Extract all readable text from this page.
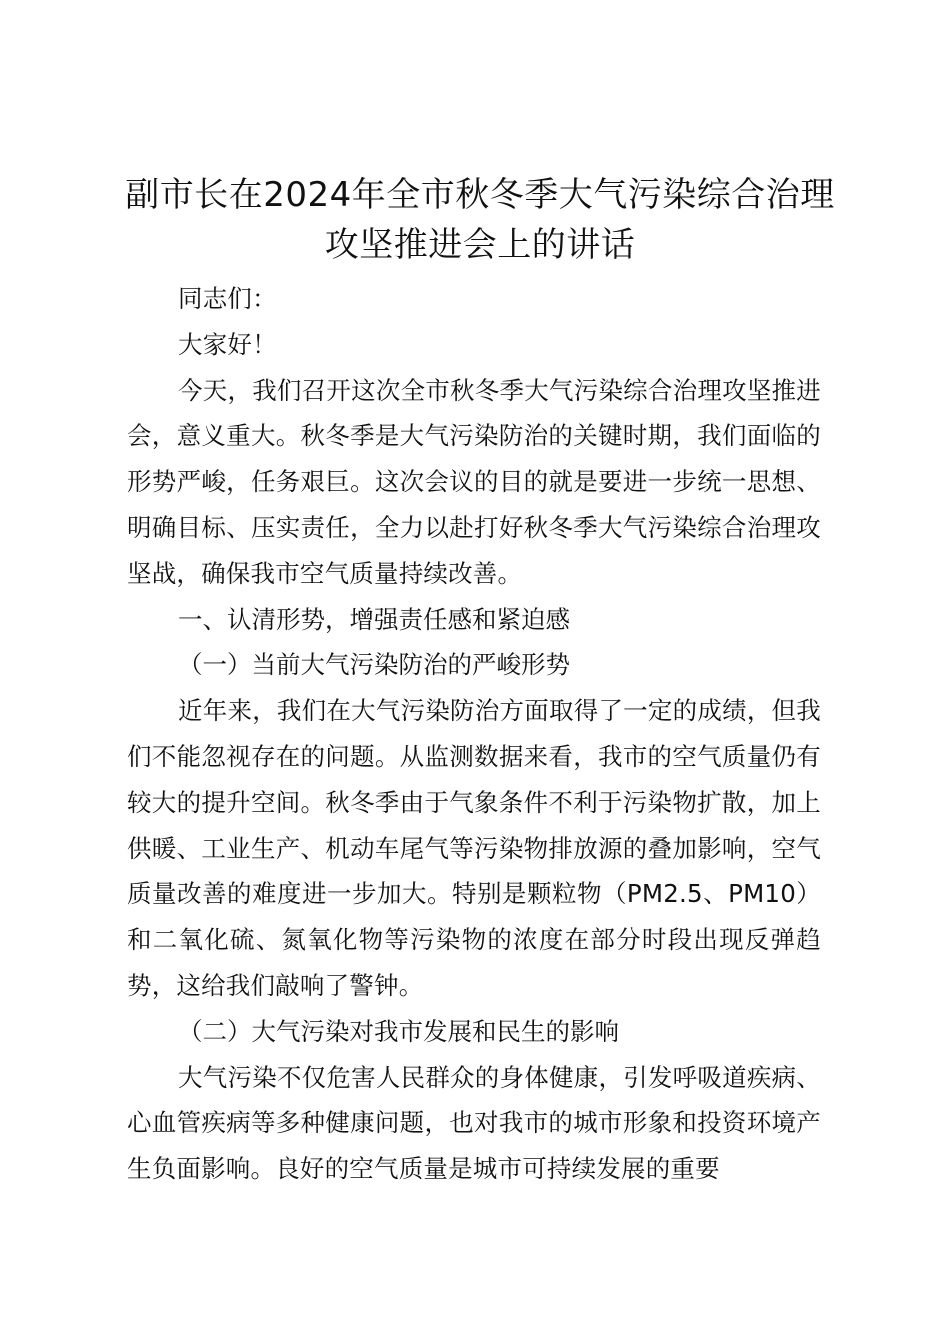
副市长在2024年全市秋冬季大气污染综合治理攻坚推进会上的讲话

同志们：

大家好！

今天，我们召开这次全市秋冬季大气污染综合治理攻坚推进会，意义重大。秋冬季是大气污染防治的关键时期，我们面临的形势严峻，任务艰巨。这次会议的目的就是要进一步统一思想、明确目标、压实责任，全力以赴打好秋冬季大气污染综合治理攻坚战，确保我市空气质量持续改善。

一、认清形势，增强责任感和紧迫感

（一）当前大气污染防治的严峻形势

近年来，我们在大气污染防治方面取得了一定的成绩，但我们不能忽视存在的问题。从监测数据来看，我市的空气质量仍有较大的提升空间。秋冬季由于气象条件不利于污染物扩散，加上供暖、工业生产、机动车尾气等污染物排放源的叠加影响，空气质量改善的难度进一步加大。特别是颗粒物（PM2.5、PM10）和二氧化硫、氮氧化物等污染物的浓度在部分时段出现反弹趋势，这给我们敲响了警钟。

（二）大气污染对我市发展和民生的影响

大气污染不仅危害人民群众的身体健康，引发呼吸道疾病、心血管疾病等多种健康问题，也对我市的城市形象和投资环境产生负面影响。良好的空气质量是城市可持续发展的重要
